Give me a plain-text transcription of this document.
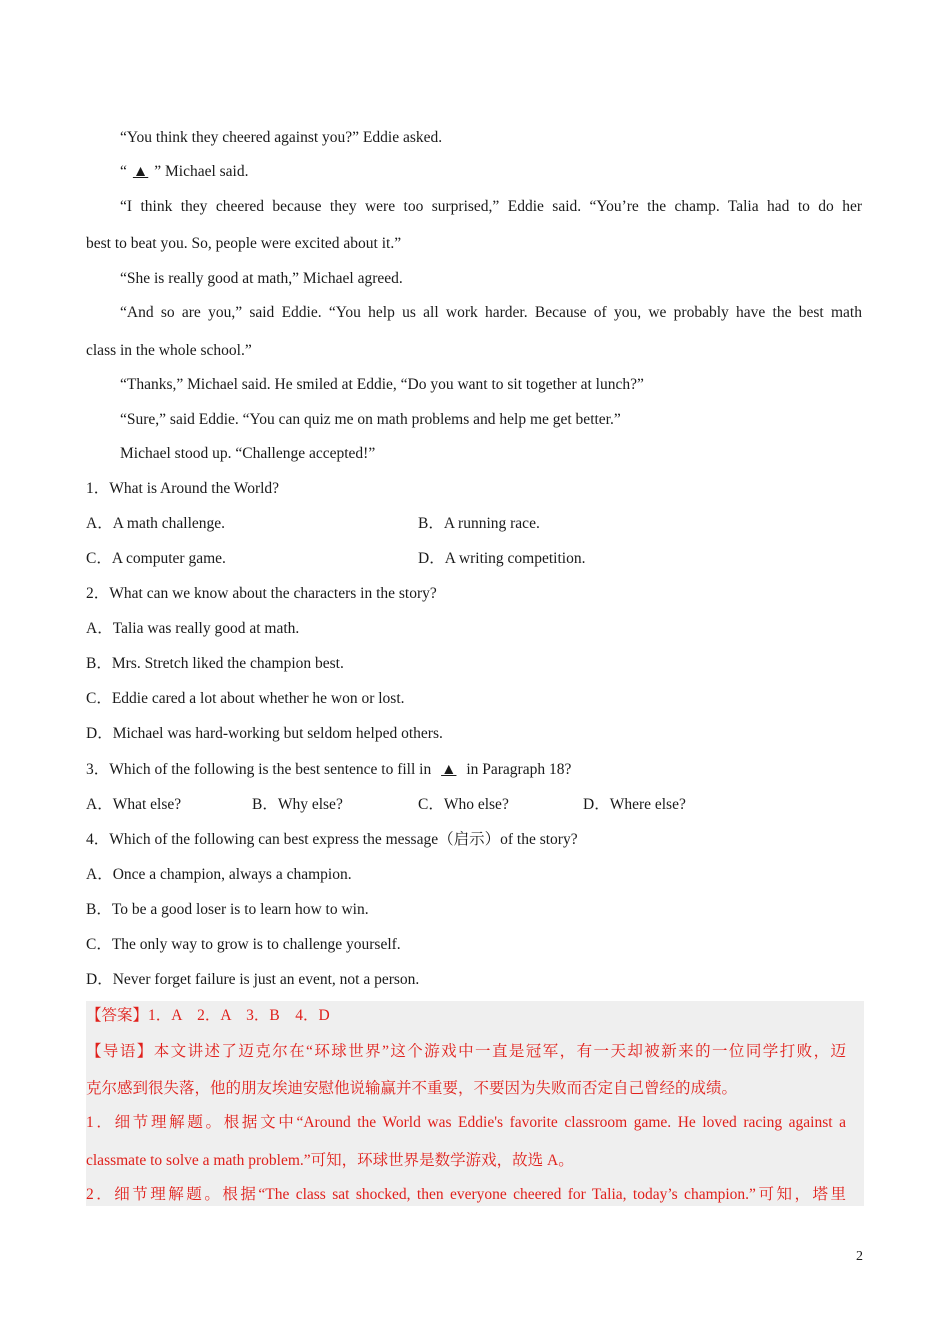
“You think they cheered against you?” Eddie asked.
“ ▲ ” Michael said.
“I think they cheered because they were too surprised,” Eddie said. “You’re the champ. Talia had to do her
best to beat you. So, people were excited about it.”
“She is really good at math,” Michael agreed.
“And so are you,” said Eddie. “You help us all work harder. Because of you, we probably have the best math
class in the whole school.”
“Thanks,” Michael said. He smiled at Eddie, “Do you want to sit together at lunch?”
“Sure,” said Eddie. “You can quiz me on math problems and help me get better.”
Michael stood up. “Challenge accepted!”
1．What is Around the World?
A．A math challenge.	B．A running race.
C．A computer game.	D．A writing competition.
2．What can we know about the characters in the story?
A．Talia was really good at math.
B．Mrs. Stretch liked the champion best.
C．Eddie cared a lot about whether he won or lost.
D．Michael was hard-working but seldom helped others.
3．Which of the following is the best sentence to fill in ▲ in Paragraph 18?
A．What else?	B．Why else?	C．Who else?	D．Where else?
4．Which of the following can best express the message（启示）of the story?
A．Once a champion, always a champion.
B．To be a good loser is to learn how to win.
C．The only way to grow is to challenge yourself.
D．Never forget failure is just an event, not a person.
【答案】1．A　2．A　3．B　4．D
【导语】本文讲述了迈克尔在“环球世界”这个游戏中一直是冠军，有一天却被新来的一位同学打败，迈
克尔感到很失落，他的朋友埃迪安慰他说输赢并不重要，不要因为失败而否定自己曾经的成绩。
1．细节理解题。根据文中“Around the World was Eddie's favorite classroom game. He loved racing against a
classmate to solve a math problem.”可知，环球世界是数学游戏，故选 A。
2．细节理解题。根据“The class sat shocked, then everyone cheered for Talia, today’s champion.”可知，塔里
2
